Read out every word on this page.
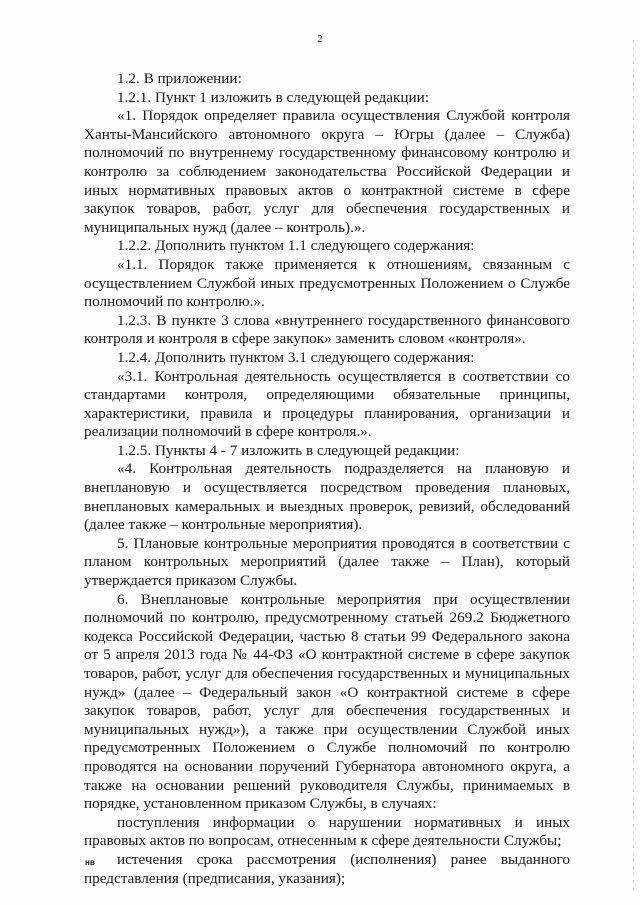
2

1.2. В приложении:

1.2.1. Пункт 1 изложить в следующей редакции:

«1. Порядок определяет правила осуществления Службой контроля Ханты-Мансийского автономного округа – Югры (далее – Служба) полномочий по внутреннему государственному финансовому контролю и контролю за соблюдением законодательства Российской Федерации и иных нормативных правовых актов о контрактной системе в сфере закупок товаров, работ, услуг для обеспечения государственных и муниципальных нужд (далее – контроль).».

1.2.2. Дополнить пунктом 1.1 следующего содержания:

«1.1. Порядок также применяется к отношениям, связанным с осуществлением Службой иных предусмотренных Положением о Службе полномочий по контролю.».

1.2.3. В пункте 3 слова «внутреннего государственного финансового контроля и контроля в сфере закупок» заменить словом «контроля».

1.2.4. Дополнить пунктом 3.1 следующего содержания:

«3.1. Контрольная деятельность осуществляется в соответствии со стандартами контроля, определяющими обязательные принципы, характеристики, правила и процедуры планирования, организации и реализации полномочий в сфере контроля.».

1.2.5. Пункты 4 - 7 изложить в следующей редакции:

«4. Контрольная деятельность подразделяется на плановую и внеплановую и осуществляется посредством проведения плановых, внеплановых камеральных и выездных проверок, ревизий, обследований (далее также – контрольные мероприятия).

5. Плановые контрольные мероприятия проводятся в соответствии с планом контрольных мероприятий (далее также – План), который утверждается приказом Службы.

6. Внеплановые контрольные мероприятия при осуществлении полномочий по контролю, предусмотренному статьей 269.2 Бюджетного кодекса Российской Федерации, частью 8 статьи 99 Федерального закона от 5 апреля 2013 года № 44-ФЗ «О контрактной системе в сфере закупок товаров, работ, услуг для обеспечения государственных и муниципальных нужд» (далее – Федеральный закон «О контрактной системе в сфере закупок товаров, работ, услуг для обеспечения государственных и муниципальных нужд»), а также при осуществлении Службой иных предусмотренных Положением о Службе полномочий по контролю проводятся на основании поручений Губернатора автономного округа, а также на основании решений руководителя Службы, принимаемых в порядке, установленном приказом Службы, в случаях:

поступления информации о нарушении нормативных и иных правовых актов по вопросам, отнесенным к сфере деятельности Службы;

истечения срока рассмотрения (исполнения) ранее выданного представления (предписания, указания);

нв
